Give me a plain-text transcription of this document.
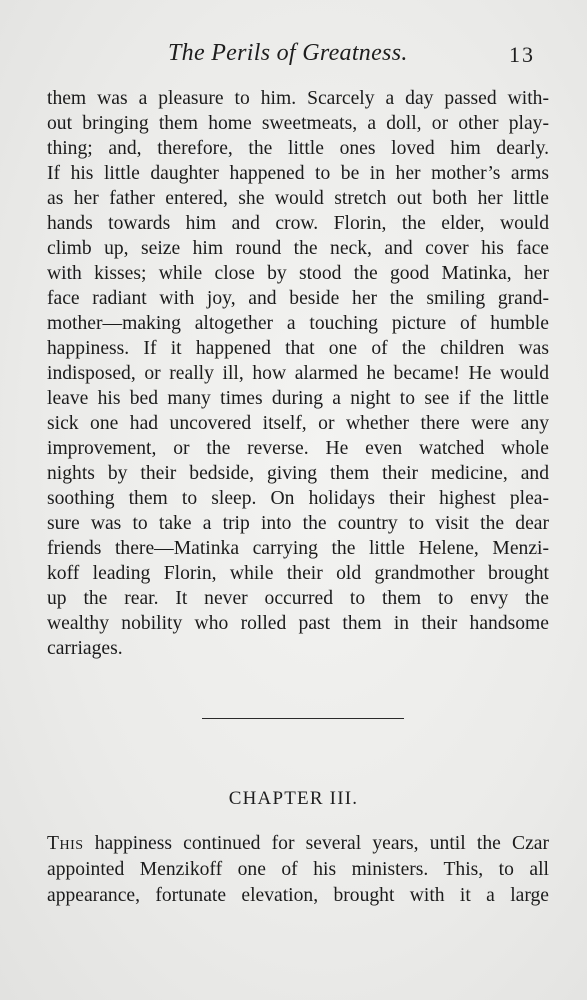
The Perils of Greatness.	13
them was a pleasure to him. Scarcely a day passed with-
out bringing them home sweetmeats, a doll, or other play-
thing; and, therefore, the little ones loved him dearly.
If his little daughter happened to be in her mother’s arms
as her father entered, she would stretch out both her little
hands towards him and crow. Florin, the elder, would
climb up, seize him round the neck, and cover his face
with kisses; while close by stood the good Matinka, her
face radiant with joy, and beside her the smiling grand-
mother—making altogether a touching picture of humble
happiness. If it happened that one of the children was
indisposed, or really ill, how alarmed he became! He would
leave his bed many times during a night to see if the little
sick one had uncovered itself, or whether there were any
improvement, or the reverse. He even watched whole
nights by their bedside, giving them their medicine, and
soothing them to sleep. On holidays their highest plea-
sure was to take a trip into the country to visit the dear
friends there—Matinka carrying the little Helene, Menzi-
koff leading Florin, while their old grandmother brought
up the rear. It never occurred to them to envy the
wealthy nobility who rolled past them in their handsome
carriages.
CHAPTER III.
This happiness continued for several years, until the Czar
appointed Menzikoff one of his ministers. This, to all
appearance, fortunate elevation, brought with it a large
